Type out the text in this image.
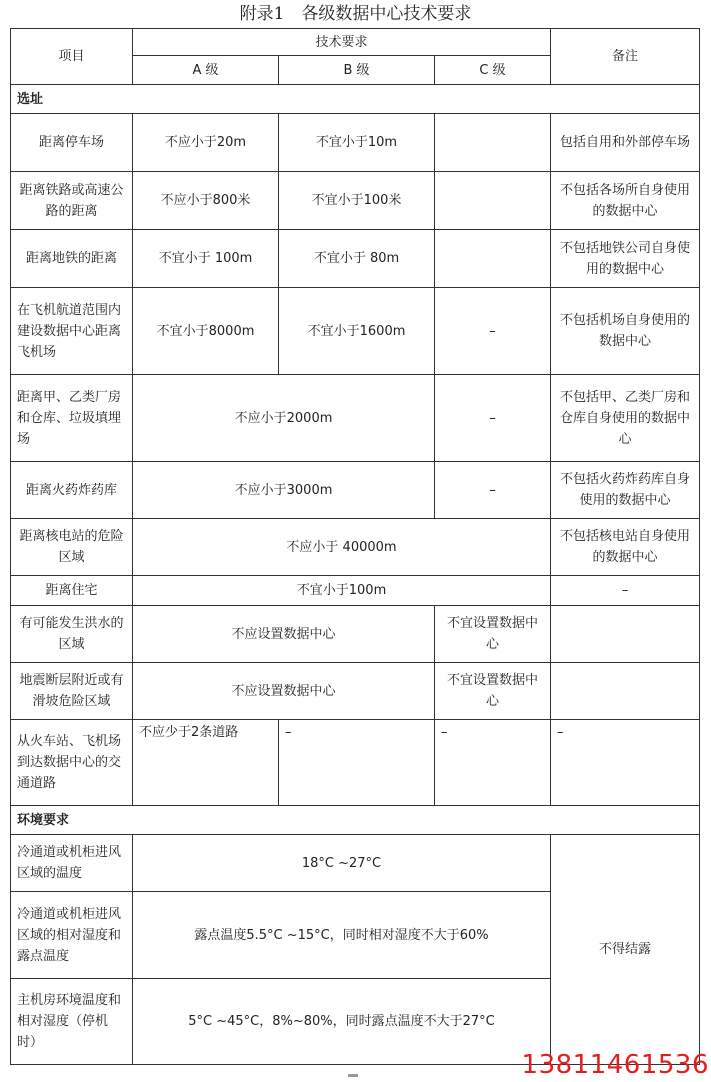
附录1　各级数据中心技术要求
项目	技术要求			备注
	A 级	B 级	C 级	
选址				
距离停车场	不应小于20m	不宜小于10m		包括自用和外部停车场
距离铁路或高速公路的距离	不应小于800米	不宜小于100米		不包括各场所自身使用的数据中心
距离地铁的距离	不宜小于 100m	不宜小于 80m		不包括地铁公司自身使用的数据中心
在飞机航道范围内建设数据中心距离飞机场	不宜小于8000m	不宜小于1600m	–	不包括机场自身使用的数据中心
距离甲、乙类厂房和仓库、垃圾填埋场	不应小于2000m		–	不包括甲、乙类厂房和仓库自身使用的数据中心
距离火药炸药库	不应小于3000m		–	不包括火药炸药库自身使用的数据中心
距离核电站的危险区域	不应小于 40000m			不包括核电站自身使用的数据中心
距离住宅	不宜小于100m			–
有可能发生洪水的区域	不应设置数据中心		不宜设置数据中心	
地震断层附近或有滑坡危险区域	不应设置数据中心		不宜设置数据中心	
从火车站、飞机场到达数据中心的交通道路	不应少于2条道路	–	–	–
环境要求				
冷通道或机柜进风区域的温度	18°C ~27°C			不得结露
冷通道或机柜进风区域的相对湿度和露点温度	露点温度5.5°C ~15°C，同时相对湿度不大于60%			
主机房环境温度和相对湿度（停机时）	5°C ~45°C，8%~80%，同时露点温度不大于27°C			
13811461536
